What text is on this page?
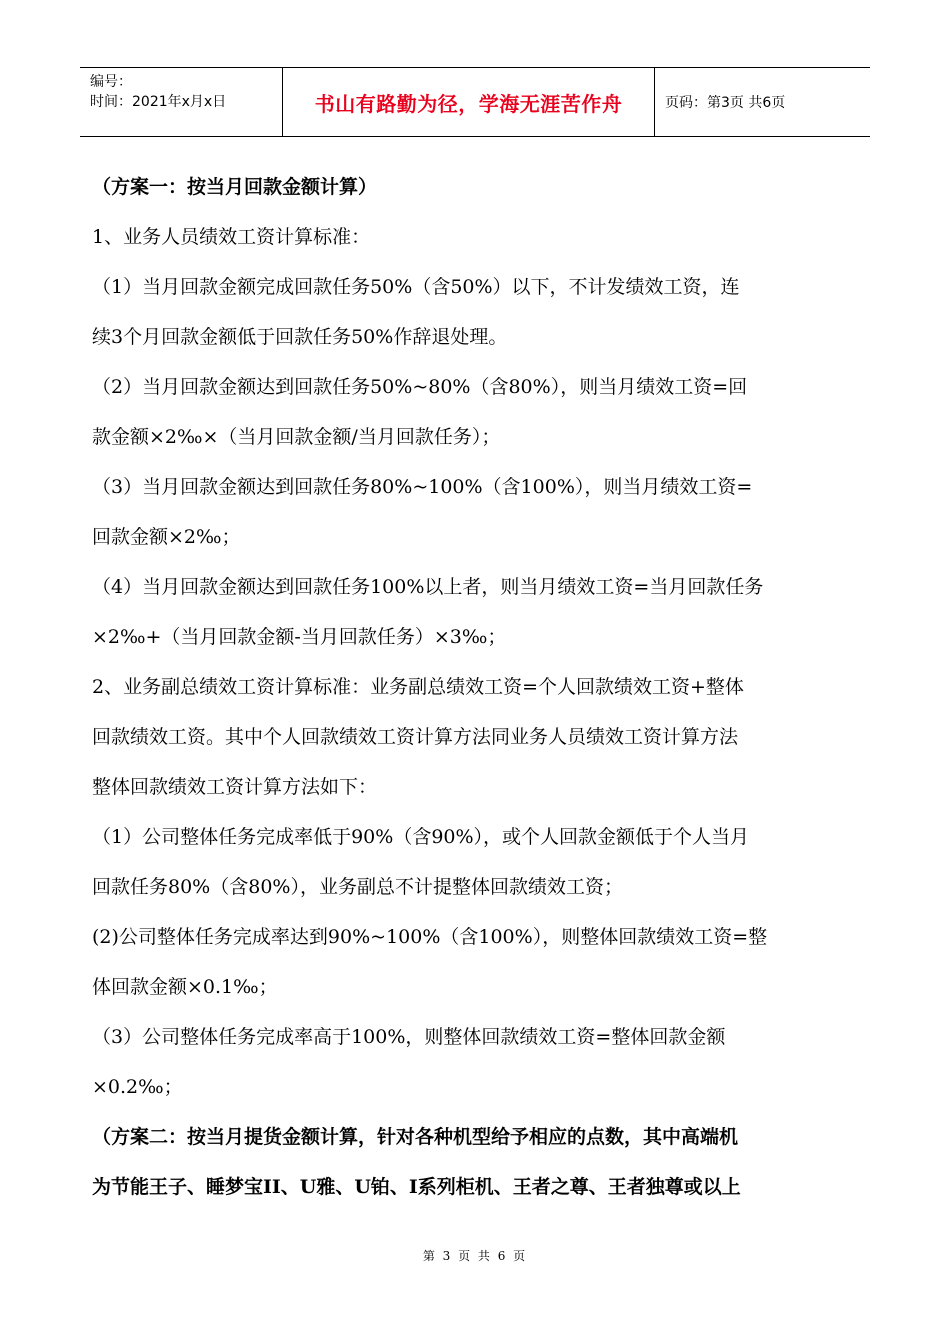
编号：
时间：2021年x月x日	书山有路勤为径，学海无涯苦作舟	页码：第3页 共6页
（方案一：按当月回款金额计算）
1、业务人员绩效工资计算标准：
（1）当月回款金额完成回款任务50%（含50%）以下，不计发绩效工资，连
续3个月回款金额低于回款任务50%作辞退处理。
（2）当月回款金额达到回款任务50%~80%（含80%），则当月绩效工资=回
款金额×2‰×（当月回款金额/当月回款任务）；
（3）当月回款金额达到回款任务80%~100%（含100%），则当月绩效工资=
回款金额×2‰；
（4）当月回款金额达到回款任务100%以上者，则当月绩效工资=当月回款任务
×2‰+（当月回款金额-当月回款任务）×3‰；
2、业务副总绩效工资计算标准：业务副总绩效工资=个人回款绩效工资+整体
回款绩效工资。其中个人回款绩效工资计算方法同业务人员绩效工资计算方法
整体回款绩效工资计算方法如下：
（1）公司整体任务完成率低于90%（含90%），或个人回款金额低于个人当月
回款任务80%（含80%），业务副总不计提整体回款绩效工资；
(2)公司整体任务完成率达到90%~100%（含100%），则整体回款绩效工资=整
体回款金额×0.1‰；
（3）公司整体任务完成率高于100%，则整体回款绩效工资=整体回款金额
×0.2‰；
（方案二：按当月提货金额计算，针对各种机型给予相应的点数，其中高端机
为节能王子、睡梦宝II、U雅、U铂、I系列柜机、王者之尊、王者独尊或以上
第 3 页 共 6 页
